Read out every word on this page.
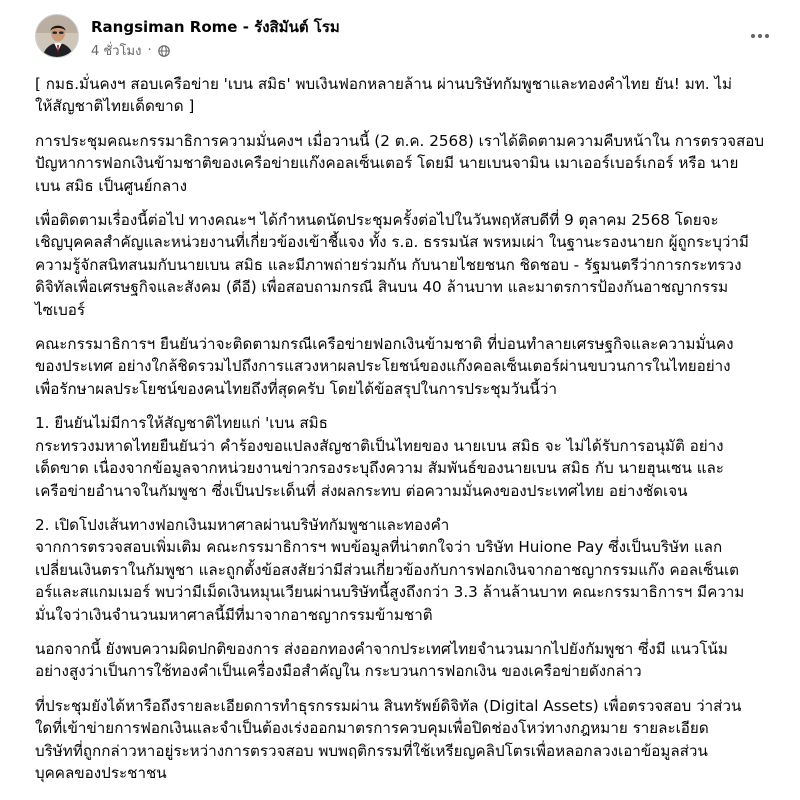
Rangsiman Rome - รังสิมันต์ โรม
4 ชั่วโมง ·

[ กมธ.มั่นคงฯ สอบเครือข่าย 'เบน สมิธ' พบเงินฟอกหลายล้าน ผ่านบริษัทกัมพูชาและทองคำไทย ยัน! มท. ไม่
ให้สัญชาติไทยเด็ดขาด ]

การประชุมคณะกรรมาธิการความมั่นคงฯ เมื่อวานนี้ (2 ต.ค. 2568) เราได้ติดตามความคืบหน้าใน การตรวจสอบ
ปัญหาการฟอกเงินข้ามชาติของเครือข่ายแก๊งคอลเซ็นเตอร์ โดยมี นายเบนจามิน เมาเออร์เบอร์เกอร์ หรือ นาย
เบน สมิธ เป็นศูนย์กลาง

เพื่อติดตามเรื่องนี้ต่อไป ทางคณะฯ ได้กำหนดนัดประชุมครั้งต่อไปในวันพฤหัสบดีที่ 9 ตุลาคม 2568 โดยจะ
เชิญบุคคลสำคัญและหน่วยงานที่เกี่ยวข้องเข้าชี้แจง ทั้ง ร.อ. ธรรมนัส พรหมเผ่า ในฐานะรองนายก ผู้ถูกระบุว่ามี
ความรู้จักสนิทสนมกับนายเบน สมิธ และมีภาพถ่ายร่วมกัน กับนายไชยชนก ชิดชอบ - รัฐมนตรีว่าการกระทรวง
ดิจิทัลเพื่อเศรษฐกิจและสังคม (ดีอี) เพื่อสอบถามกรณี สินบน 40 ล้านบาท และมาตรการป้องกันอาชญากรรม
ไซเบอร์

คณะกรรมาธิการฯ ยืนยันว่าจะติดตามกรณีเครือข่ายฟอกเงินข้ามชาติ ที่บ่อนทำลายเศรษฐกิจและความมั่นคง
ของประเทศ อย่างใกล้ชิดรวมไปถึงการแสวงหาผลประโยชน์ของแก๊งคอลเซ็นเตอร์ผ่านขบวนการในไทยอย่าง
เพื่อรักษาผลประโยชน์ของคนไทยถึงที่สุดครับ โดยได้ข้อสรุปในการประชุมวันนี้ว่า

1. ยืนยันไม่มีการให้สัญชาติไทยแก่ 'เบน สมิธ
กระทรวงมหาดไทยยืนยันว่า คำร้องขอแปลงสัญชาติเป็นไทยของ นายเบน สมิธ จะ ไม่ได้รับการอนุมัติ อย่าง
เด็ดขาด เนื่องจากข้อมูลจากหน่วยงานข่าวกรองระบุถึงความ สัมพันธ์ของนายเบน สมิธ กับ นายฮุนเซน และ
เครือข่ายอำนาจในกัมพูชา ซึ่งเป็นประเด็นที่ ส่งผลกระทบ ต่อความมั่นคงของประเทศไทย อย่างชัดเจน

2. เปิดโปงเส้นทางฟอกเงินมหาศาลผ่านบริษัทกัมพูชาและทองคำ
จากการตรวจสอบเพิ่มเติม คณะกรรมาธิการฯ พบข้อมูลที่น่าตกใจว่า บริษัท Huione Pay ซึ่งเป็นบริษัท แลก
เปลี่ยนเงินตราในกัมพูชา และถูกตั้งข้อสงสัยว่ามีส่วนเกี่ยวข้องกับการฟอกเงินจากอาชญากรรมแก๊ง คอลเซ็นเต
อร์และสแกมเมอร์ พบว่ามีเม็ดเงินหมุนเวียนผ่านบริษัทนี้สูงถึงกว่า 3.3 ล้านล้านบาท คณะกรรมาธิการฯ มีความ
มั่นใจว่าเงินจำนวนมหาศาลนี้มีที่มาจากอาชญากรรมข้ามชาติ

นอกจากนี้ ยังพบความผิดปกติของการ ส่งออกทองคำจากประเทศไทยจำนวนมากไปยังกัมพูชา ซึ่งมี แนวโน้ม
อย่างสูงว่าเป็นการใช้ทองคำเป็นเครื่องมือสำคัญใน กระบวนการฟอกเงิน ของเครือข่ายดังกล่าว

ที่ประชุมยังได้หารือถึงรายละเอียดการทำธุรกรรมผ่าน สินทรัพย์ดิจิทัล (Digital Assets) เพื่อตรวจสอบ ว่าส่วน
ใดที่เข้าข่ายการฟอกเงินและจำเป็นต้องเร่งออกมาตรการควบคุมเพื่อปิดช่องโหว่ทางกฎหมาย รายละเอียด
บริษัทที่ถูกกล่าวหาอยู่ระหว่างการตรวจสอบ พบพฤติกรรมที่ใช้เหรียญคลิปโตรเพื่อหลอกลวงเอาข้อมูลส่วน
บุคคลของประชาชน
